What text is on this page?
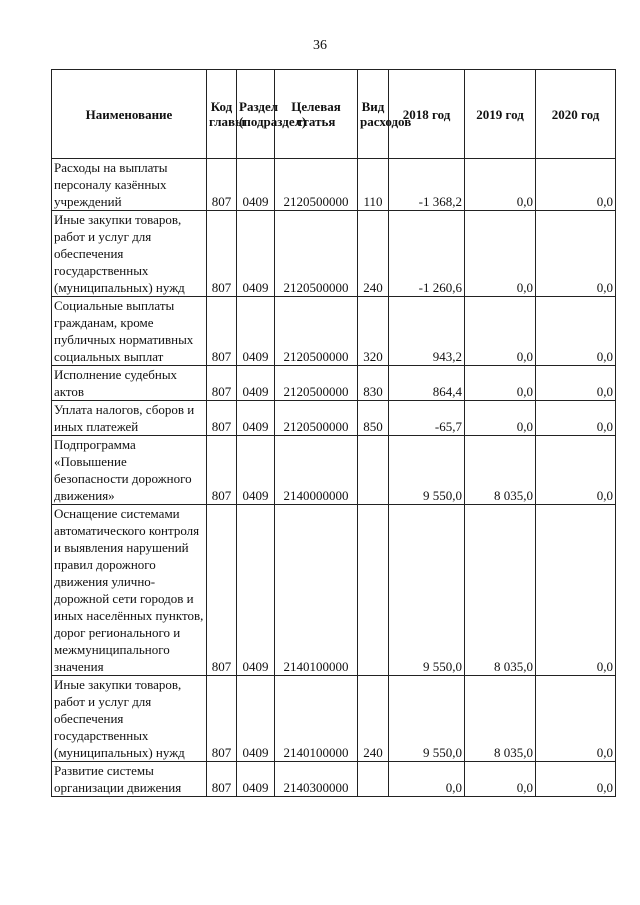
36
Наименование	Код главы	Раздел (подраздел)	Целевая статья	Вид расходов	2018 год	2019 год	2020 год
Расходы на выплаты персоналу казённых учреждений	807	0409	2120500000	110	-1 368,2	0,0	0,0
Иные закупки товаров, работ и услуг для обеспечения государственных (муниципальных) нужд	807	0409	2120500000	240	-1 260,6	0,0	0,0
Социальные выплаты гражданам, кроме публичных нормативных социальных выплат	807	0409	2120500000	320	943,2	0,0	0,0
Исполнение судебных актов	807	0409	2120500000	830	864,4	0,0	0,0
Уплата налогов, сборов и иных платежей	807	0409	2120500000	850	-65,7	0,0	0,0
Подпрограмма «Повышение безопасности дорожного движения»	807	0409	2140000000		9 550,0	8 035,0	0,0
Оснащение системами автоматического контроля и выявления нарушений правил дорожного движения улично-дорожной сети городов и иных населённых пунктов, дорог регионального и межмуниципального значения	807	0409	2140100000		9 550,0	8 035,0	0,0
Иные закупки товаров, работ и услуг для обеспечения государственных (муниципальных) нужд	807	0409	2140100000	240	9 550,0	8 035,0	0,0
Развитие системы организации движения	807	0409	2140300000		0,0	0,0	0,0
